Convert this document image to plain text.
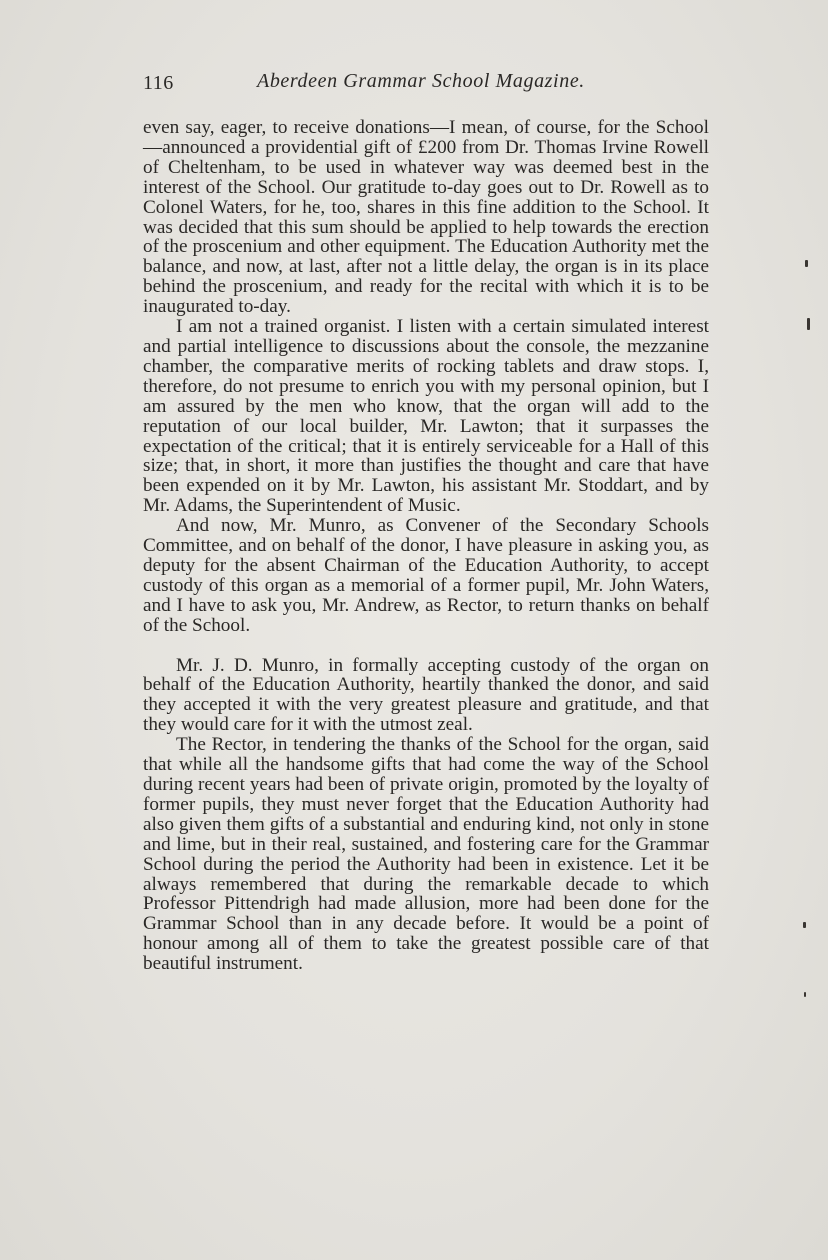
116	Aberdeen Grammar School Magazine.

even say, eager, to receive donations—I mean, of course, for the School—announced a providential gift of £200 from Dr. Thomas Irvine Rowell of Cheltenham, to be used in whatever way was deemed best in the interest of the School. Our gratitude to-day goes out to Dr. Rowell as to Colonel Waters, for he, too, shares in this fine addition to the School. It was decided that this sum should be applied to help towards the erection of the proscenium and other equipment. The Education Authority met the balance, and now, at last, after not a little delay, the organ is in its place behind the proscenium, and ready for the recital with which it is to be inaugurated to-day.

I am not a trained organist. I listen with a certain simulated interest and partial intelligence to discussions about the console, the mezzanine chamber, the comparative merits of rocking tablets and draw stops. I, therefore, do not presume to enrich you with my personal opinion, but I am assured by the men who know, that the organ will add to the reputation of our local builder, Mr. Lawton; that it surpasses the expectation of the critical; that it is entirely serviceable for a Hall of this size; that, in short, it more than justifies the thought and care that have been expended on it by Mr. Lawton, his assistant Mr. Stoddart, and by Mr. Adams, the Superintendent of Music.

And now, Mr. Munro, as Convener of the Secondary Schools Committee, and on behalf of the donor, I have pleasure in asking you, as deputy for the absent Chairman of the Education Authority, to accept custody of this organ as a memorial of a former pupil, Mr. John Waters, and I have to ask you, Mr. Andrew, as Rector, to return thanks on behalf of the School.

Mr. J. D. Munro, in formally accepting custody of the organ on behalf of the Education Authority, heartily thanked the donor, and said they accepted it with the very greatest pleasure and gratitude, and that they would care for it with the utmost zeal.

The Rector, in tendering the thanks of the School for the organ, said that while all the handsome gifts that had come the way of the School during recent years had been of private origin, promoted by the loyalty of former pupils, they must never forget that the Education Authority had also given them gifts of a substantial and enduring kind, not only in stone and lime, but in their real, sustained, and fostering care for the Grammar School during the period the Authority had been in existence. Let it be always remembered that during the remarkable decade to which Professor Pittendrigh had made allusion, more had been done for the Grammar School than in any decade before. It would be a point of honour among all of them to take the greatest possible care of that beautiful instrument.
